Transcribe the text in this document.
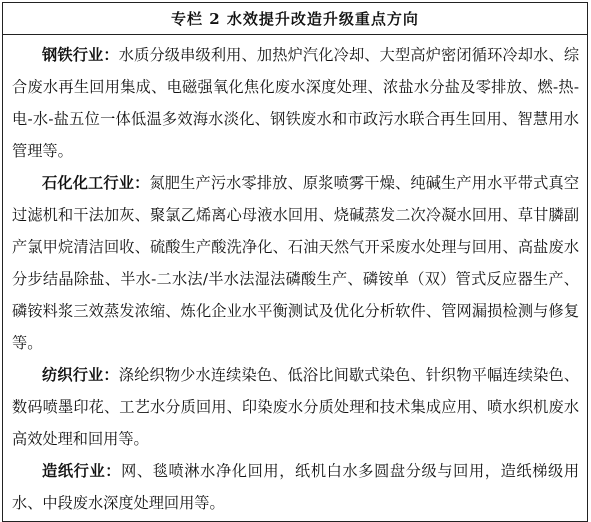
专栏 2 水效提升改造升级重点方向

钢铁行业：水质分级串级利用、加热炉汽化冷却、大型高炉密闭循环冷却水、综合废水再生回用集成、电磁强氧化焦化废水深度处理、浓盐水分盐及零排放、燃-热-电-水-盐五位一体低温多效海水淡化、钢铁废水和市政污水联合再生回用、智慧用水管理等。

石化化工行业：氮肥生产污水零排放、原浆喷雾干燥、纯碱生产用水平带式真空过滤机和干法加灰、聚氯乙烯离心母液水回用、烧碱蒸发二次冷凝水回用、草甘膦副产氯甲烷清洁回收、硫酸生产酸洗净化、石油天然气开采废水处理与回用、高盐废水分步结晶除盐、半水-二水法/半水法湿法磷酸生产、磷铵单（双）管式反应器生产、磷铵料浆三效蒸发浓缩、炼化企业水平衡测试及优化分析软件、管网漏损检测与修复等。

纺织行业：涤纶织物少水连续染色、低浴比间歇式染色、针织物平幅连续染色、数码喷墨印花、工艺水分质回用、印染废水分质处理和技术集成应用、喷水织机废水高效处理和回用等。

造纸行业：网、毯喷淋水净化回用，纸机白水多圆盘分级与回用，造纸梯级用水、中段废水深度处理回用等。
